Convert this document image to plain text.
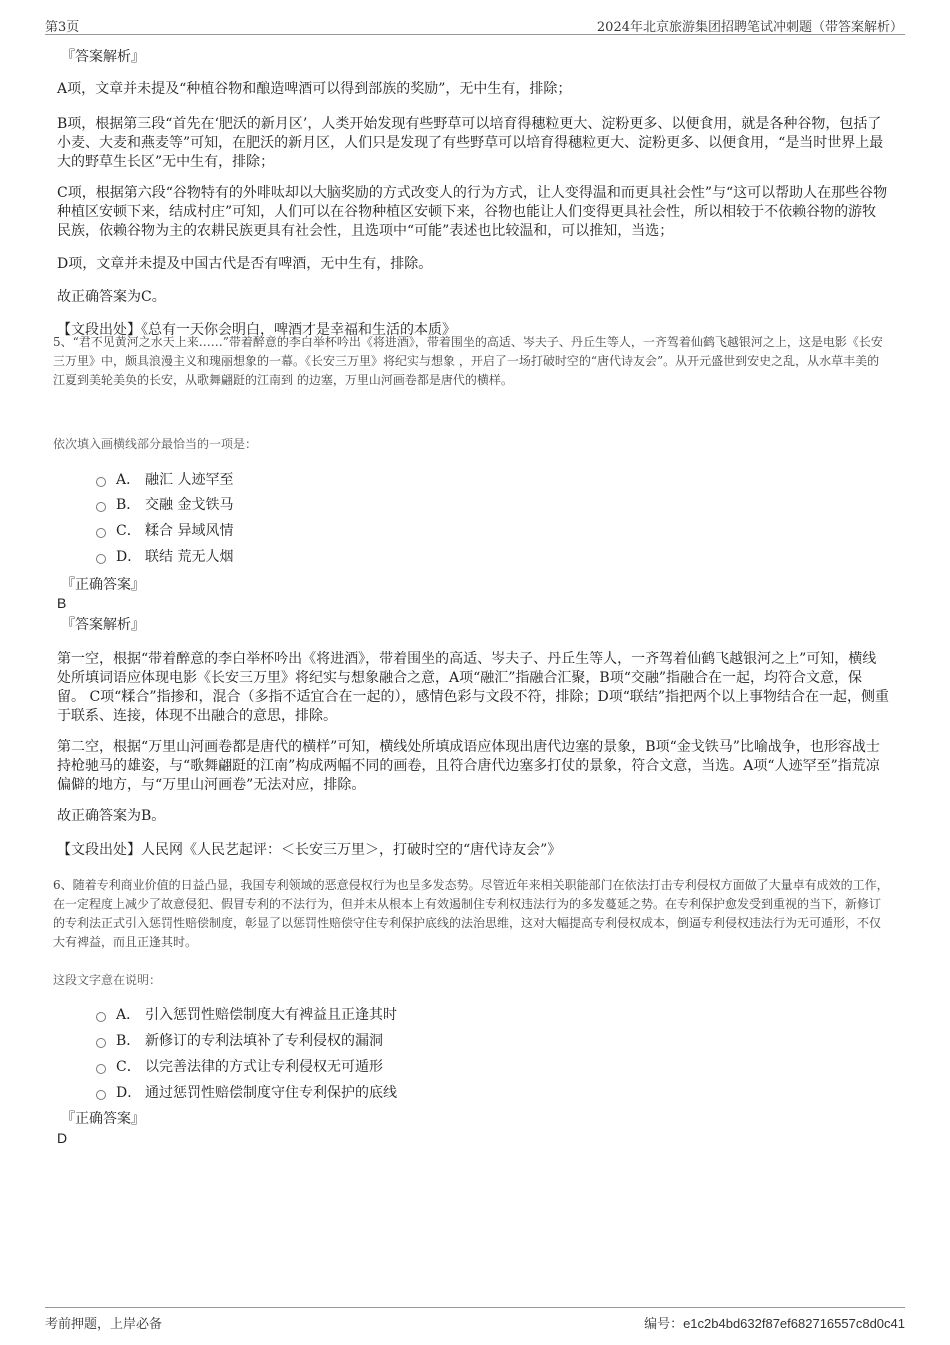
第3页	2024年北京旅游集团招聘笔试冲刺题（带答案解析）
『答案解析』
A项，文章并未提及“种植谷物和酿造啤酒可以得到部族的奖励”，无中生有，排除；
B项，根据第三段“首先在‘肥沃的新月区’，人类开始发现有些野草可以培育得穗粒更大、淀粉更多、以便食用，就是各种谷物，包括了小麦、大麦和燕麦等”可知，在肥沃的新月区，人们只是发现了有些野草可以培育得穗粒更大、淀粉更多、以便食用，“是当时世界上最大的野草生长区”无中生有，排除；
C项，根据第六段“谷物特有的外啡呔却以大脑奖励的方式改变人的行为方式，让人变得温和而更具社会性”与“这可以帮助人在那些谷物种植区安顿下来，结成村庄”可知，人们可以在谷物种植区安顿下来，谷物也能让人们变得更具社会性，所以相较于不依赖谷物的游牧民族，依赖谷物为主的农耕民族更具有社会性，且选项中“可能”表述也比较温和，可以推知，当选；
D项，文章并未提及中国古代是否有啤酒，无中生有，排除。
故正确答案为C。
【文段出处】《总有一天你会明白，啤酒才是幸福和生活的本质》
5、“君不见黄河之水天上来……”带着醉意的李白举杯吟出《将进酒》，带着围坐的高适、岑夫子、丹丘生等人，一齐驾着仙鹤飞越银河之上，这是电影《长安三万里》中，颇具浪漫主义和瑰丽想象的一幕。《长安三万里》将纪实与想象 ，开启了一场打破时空的“唐代诗友会”。从开元盛世到安史之乱，从水草丰美的江夏到美轮美奂的长安，从歌舞翩跹的江南到 的边塞，万里山河画卷都是唐代的横样。
依次填入画横线部分最恰当的一项是：
A． 融汇 人迹罕至
B． 交融 金戈铁马
C． 糅合 异域风情
D． 联结 荒无人烟
『正确答案』
B
『答案解析』
第一空，根据“带着醉意的李白举杯吟出《将进酒》，带着围坐的高适、岑夫子、丹丘生等人，一齐驾着仙鹤飞越银河之上”可知，横线处所填词语应体现电影《长安三万里》将纪实与想象融合之意，A项“融汇”指融合汇聚，B项“交融”指融合在一起，均符合文意，保留。 C项“糅合”指掺和，混合（多指不适宜合在一起的），感情色彩与文段不符，排除；D项“联结”指把两个以上事物结合在一起，侧重于联系、连接，体现不出融合的意思，排除。
第二空，根据“万里山河画卷都是唐代的横样”可知，横线处所填成语应体现出唐代边塞的景象，B项“金戈铁马”比喻战争，也形容战士持枪驰马的雄姿，与“歌舞翩跹的江南”构成两幅不同的画卷，且符合唐代边塞多打仗的景象，符合文意，当选。A项“人迹罕至”指荒凉偏僻的地方，与“万里山河画卷”无法对应，排除。
故正确答案为B。
【文段出处】人民网《人民艺起评：＜长安三万里＞，打破时空的“唐代诗友会”》
6、随着专利商业价值的日益凸显，我国专利领域的恶意侵权行为也呈多发态势。尽管近年来相关职能部门在依法打击专利侵权方面做了大量卓有成效的工作，在一定程度上减少了故意侵犯、假冒专利的不法行为，但并未从根本上有效遏制住专利权违法行为的多发蔓延之势。在专利保护愈发受到重视的当下，新修订的专利法正式引入惩罚性赔偿制度，彰显了以惩罚性赔偿守住专利保护底线的法治思维，这对大幅提高专利侵权成本，倒逼专利侵权违法行为无可遁形，不仅大有裨益，而且正逢其时。
这段文字意在说明：
A． 引入惩罚性赔偿制度大有裨益且正逢其时
B． 新修订的专利法填补了专利侵权的漏洞
C． 以完善法律的方式让专利侵权无可遁形
D． 通过惩罚性赔偿制度守住专利保护的底线
『正确答案』
D
考前押题，上岸必备	编号：e1c2b4bd632f87ef682716557c8d0c41
